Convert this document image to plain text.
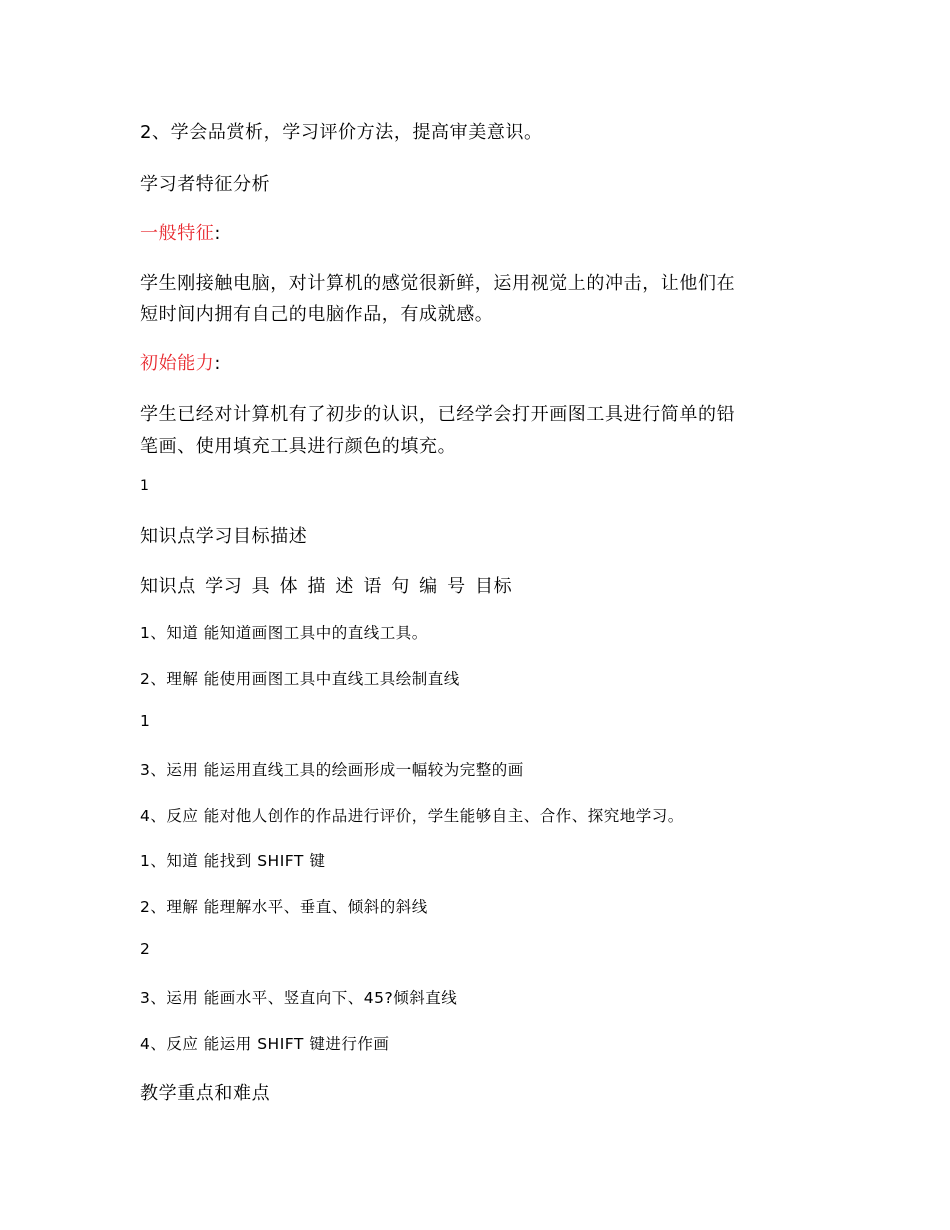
2、学会品赏析，学习评价方法，提高审美意识。

学习者特征分析

一般特征:

学生刚接触电脑，对计算机的感觉很新鲜，运用视觉上的冲击，让他们在

短时间内拥有自己的电脑作品，有成就感。

初始能力:

学生已经对计算机有了初步的认识，已经学会打开画图工具进行简单的铅

笔画、使用填充工具进行颜色的填充。

1

知识点学习目标描述

知识点 学习 具 体 描 述 语 句 编 号 目标

1、知道 能知道画图工具中的直线工具。

2、理解 能使用画图工具中直线工具绘制直线

1

3、运用 能运用直线工具的绘画形成一幅较为完整的画

4、反应 能对他人创作的作品进行评价，学生能够自主、合作、探究地学习。

1、知道 能找到 SHIFT 键

2、理解 能理解水平、垂直、倾斜的斜线

2

3、运用 能画水平、竖直向下、45?倾斜直线

4、反应 能运用 SHIFT 键进行作画

教学重点和难点
